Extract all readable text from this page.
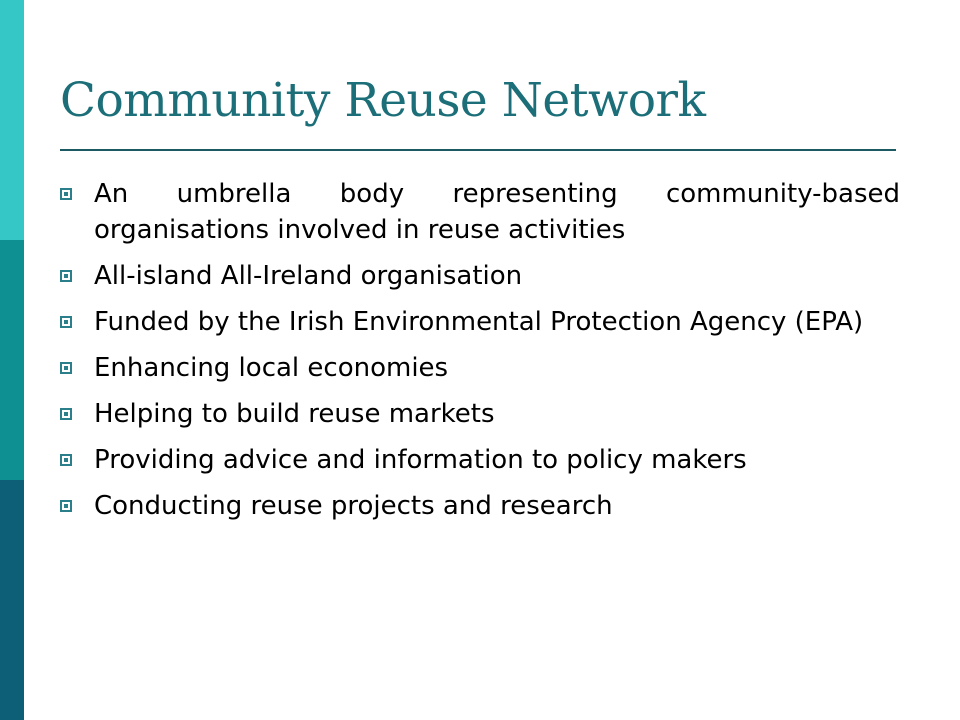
Community Reuse Network
An umbrella body representing community-based organisations involved in reuse activities
All-island All-Ireland organisation
Funded by the Irish Environmental Protection Agency (EPA)
Enhancing local economies
Helping to build reuse markets
Providing advice and information to policy makers
Conducting reuse projects and research
